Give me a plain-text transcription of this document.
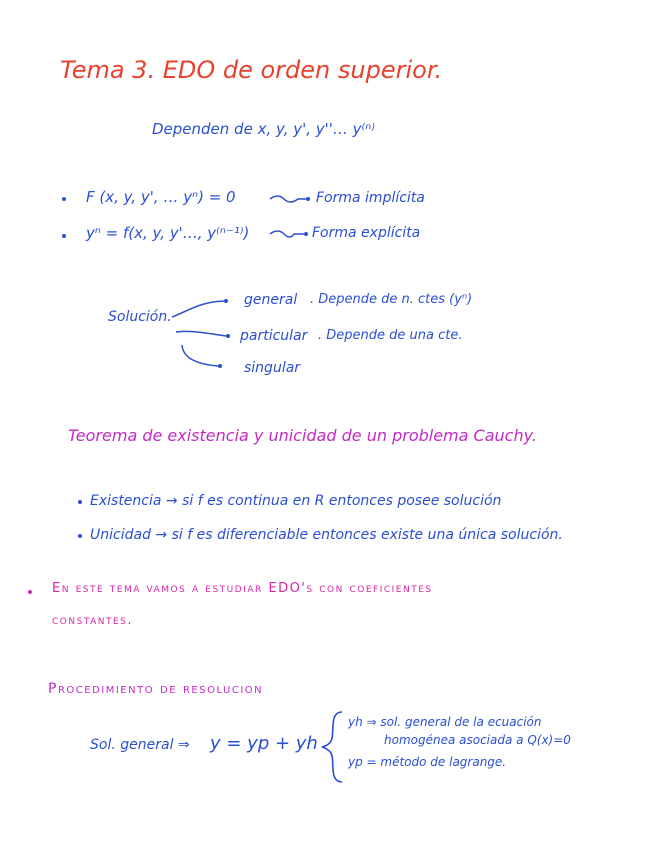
Tema 3. EDO de orden superior.
Dependen de x, y, y', y''… y⁽ⁿ⁾
F (x, y, y', … yⁿ) = 0	Forma implícita
yⁿ = f(x, y, y'…, y⁽ⁿ⁻¹⁾)	Forma explícita
Solución.
general . Depende de n. ctes (yⁿ)
particular . Depende de una cte.
singular
Teorema de existencia y unicidad de un problema Cauchy.
Existencia → si f es continua en R entonces posee solución
Unicidad → si f es diferenciable entonces existe una única solución.
En este tema vamos a estudiar EDO's con coeficientes
constantes.
Procedimiento de resolucion
Sol. general ⇒ y = yp + yh
yh ⇒ sol. general de la ecuación
homogénea asociada a Q(x)=0
yp = método de lagrange.
